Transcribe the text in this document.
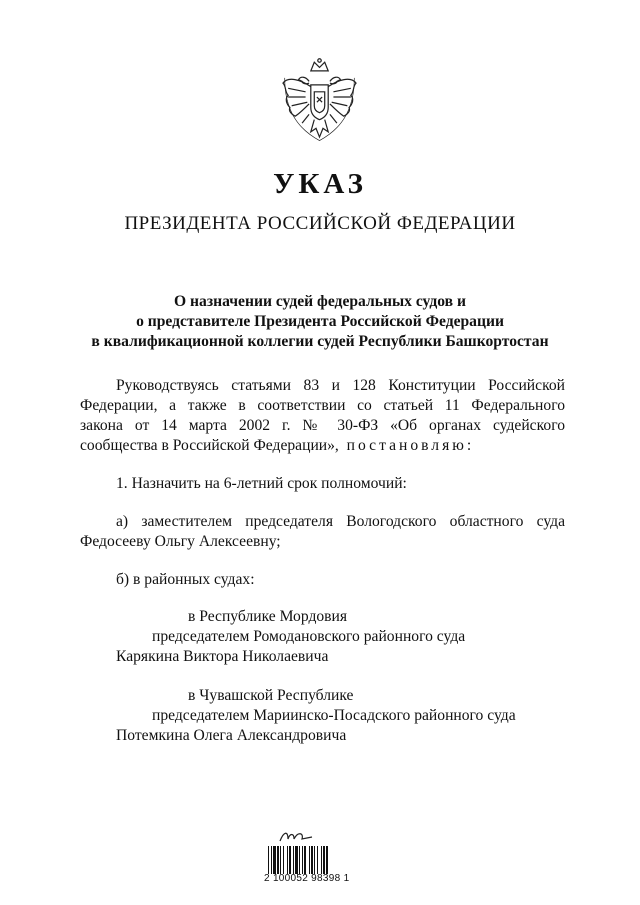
УКАЗ
ПРЕЗИДЕНТА РОССИЙСКОЙ ФЕДЕРАЦИИ
О назначении судей федеральных судов и
о представителе Президента Российской Федерации
в квалификационной коллегии судей Республики Башкортостан
Руководствуясь статьями 83 и 128 Конституции Российской
Федерации, а также в соответствии со статьей 11 Федерального
закона от 14 марта 2002 г. № 30-ФЗ «Об органах судейского
сообщества в Российской Федерации», постановляю:
1. Назначить на 6-летний срок полномочий:
а) заместителем председателя Вологодского областного суда
Федосееву Ольгу Алексеевну;
б) в районных судах:
в Республике Мордовия
председателем Ромодановского районного суда
Карякина Виктора Николаевича
в Чувашской Республике
председателем Мариинско-Посадского районного суда
Потемкина Олега Александровича
2 100052 98398 1
